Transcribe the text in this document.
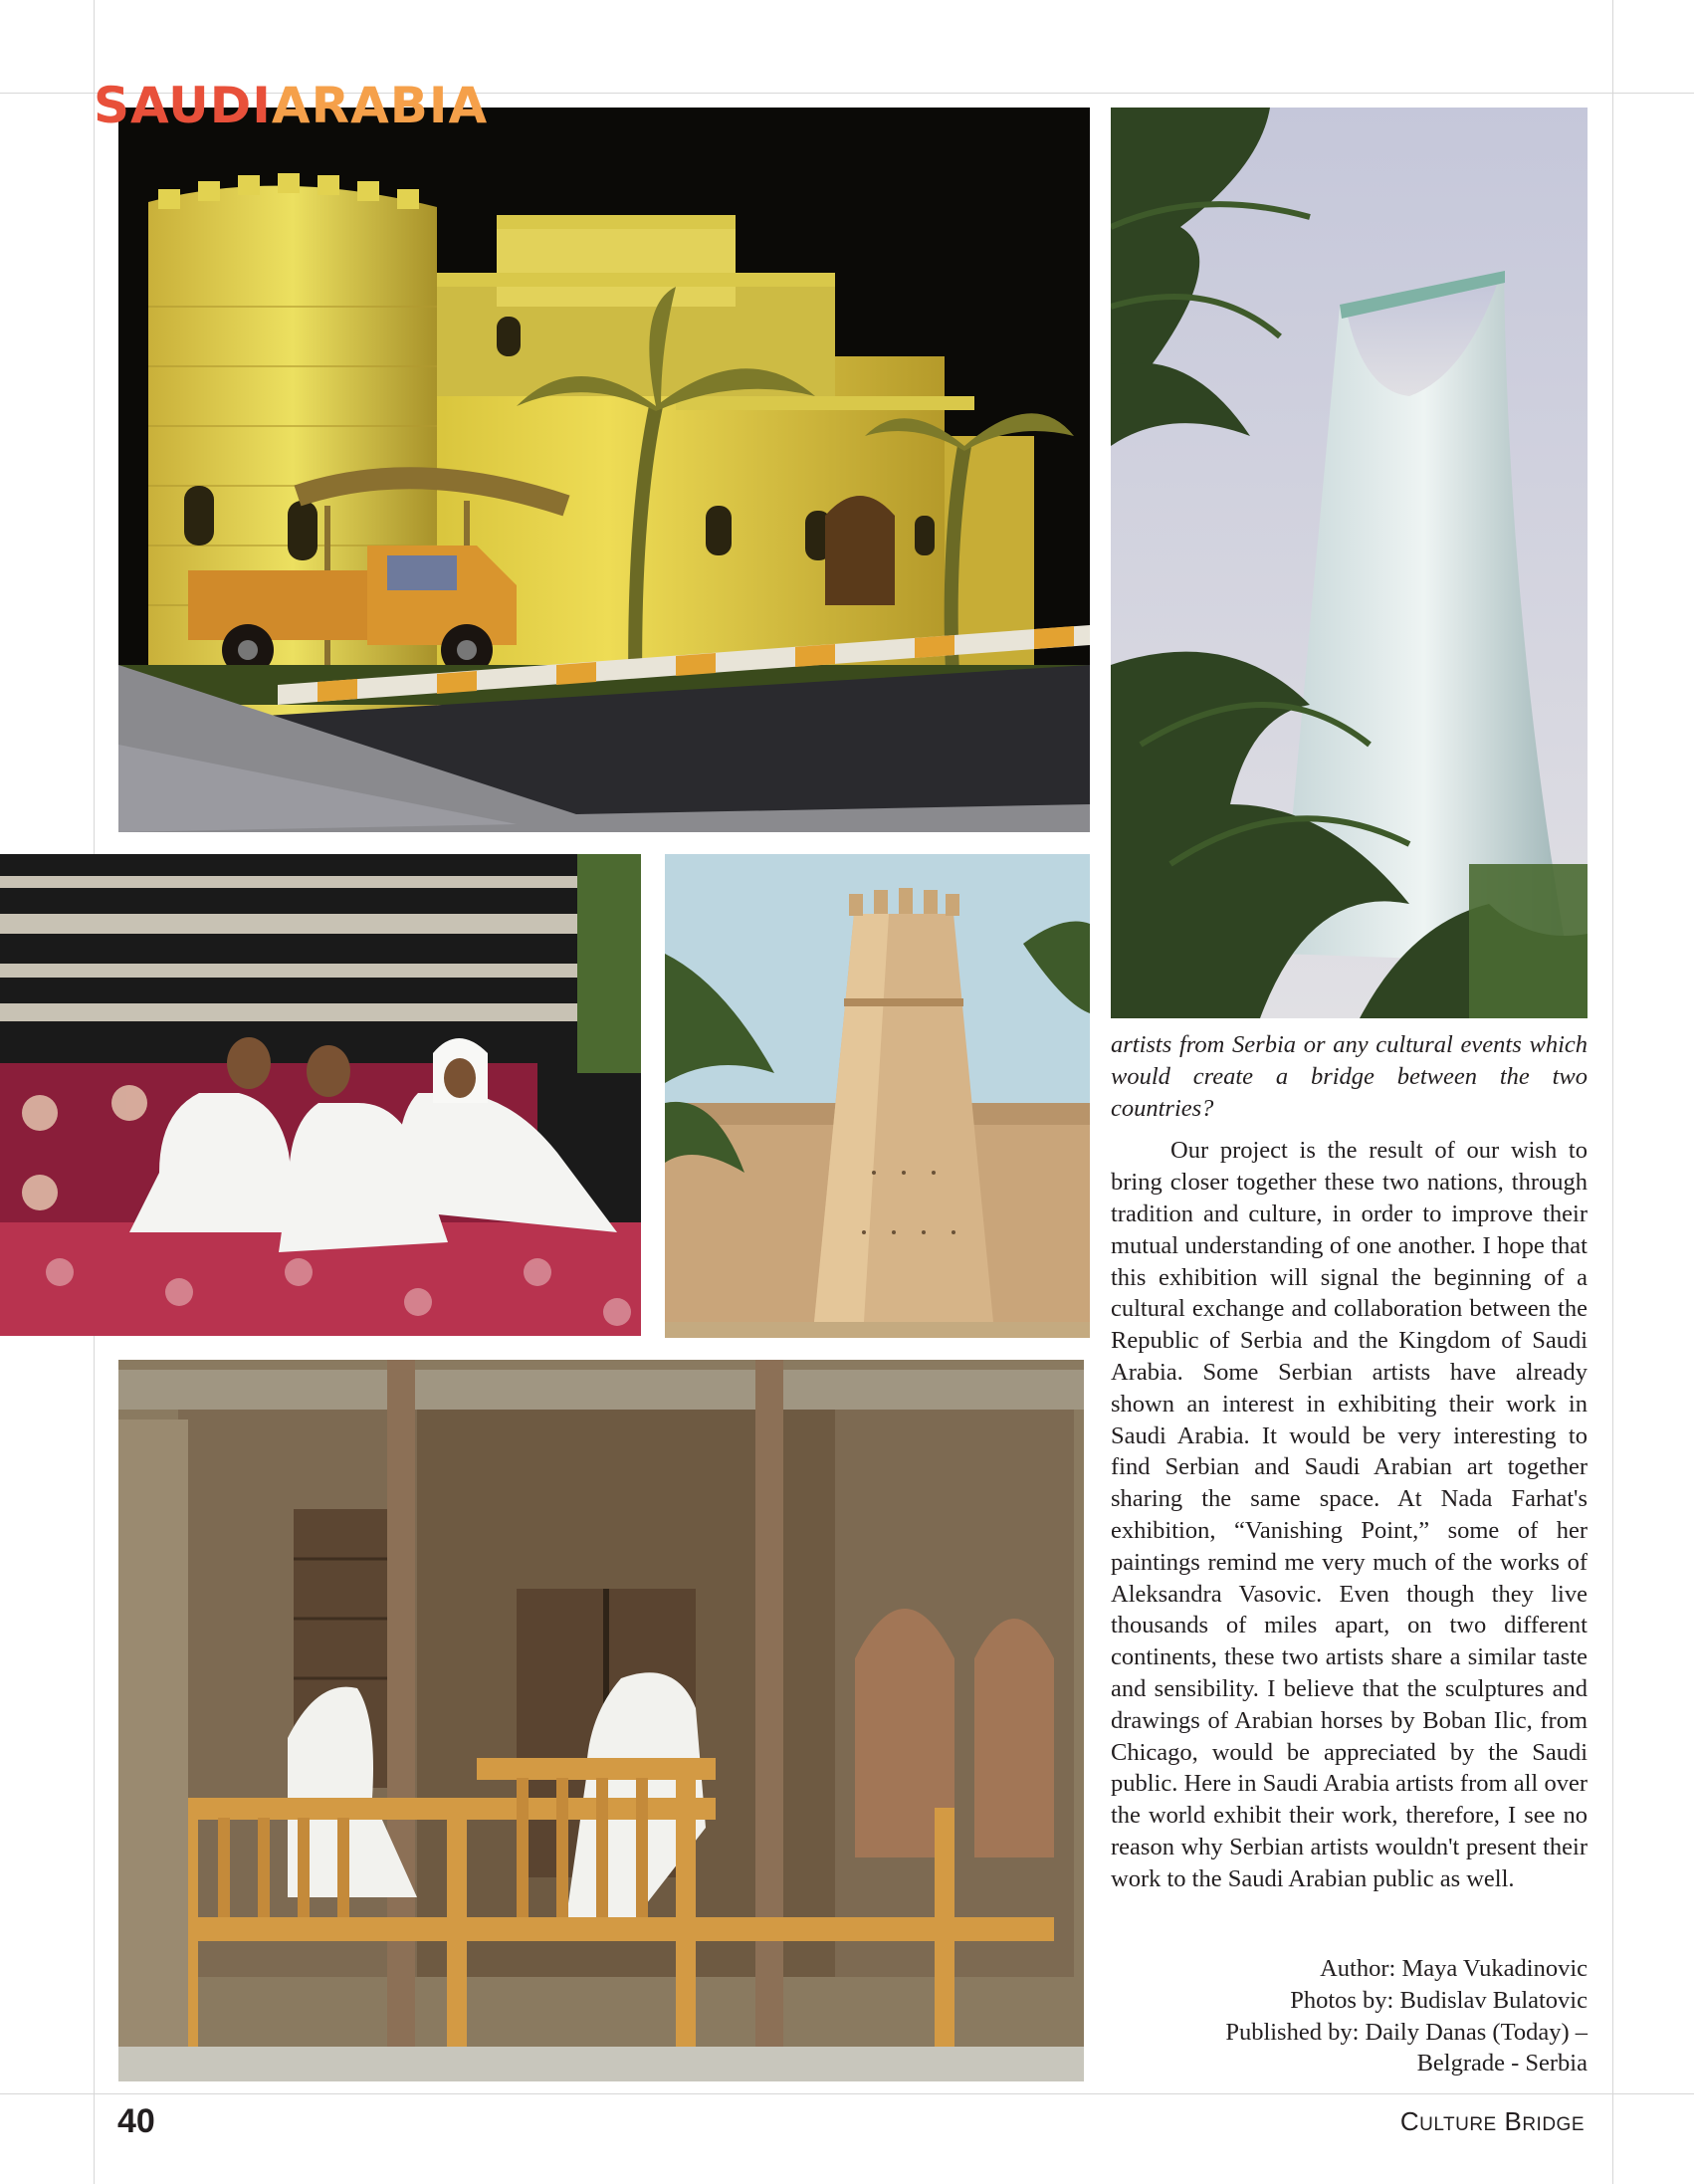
SAUDIARABIA

artists from Serbia or any cultural events which would create a bridge between the two countries?

Our project is the result of our wish to bring closer together these two nations, through tradition and culture, in order to improve their mutual understanding of one another. I hope that this exhibition will signal the beginning of a cultural exchange and collaboration between the Republic of Serbia and the Kingdom of Saudi Arabia. Some Serbian artists have already shown an interest in exhibiting their work in Saudi Arabia. It would be very interesting to find Serbian and Saudi Arabian art together sharing the same space. At Nada Farhat's exhibition, “Vanishing Point,” some of her paintings remind me very much of the works of Aleksandra Vasovic. Even though they live thousands of miles apart, on two different continents, these two artists share a similar taste and sensibility. I believe that the sculptures and drawings of Arabian horses by Boban Ilic, from Chicago, would be appreciated by the Saudi public. Here in Saudi Arabia artists from all over the world exhibit their work, therefore, I see no reason why Serbian artists wouldn't present their work to the Saudi Arabian public as well.

Author: Maya Vukadinovic
Photos by: Budislav Bulatovic
Published by: Daily Danas (Today) –
Belgrade - Serbia
40	CULTURE BRIDGE
